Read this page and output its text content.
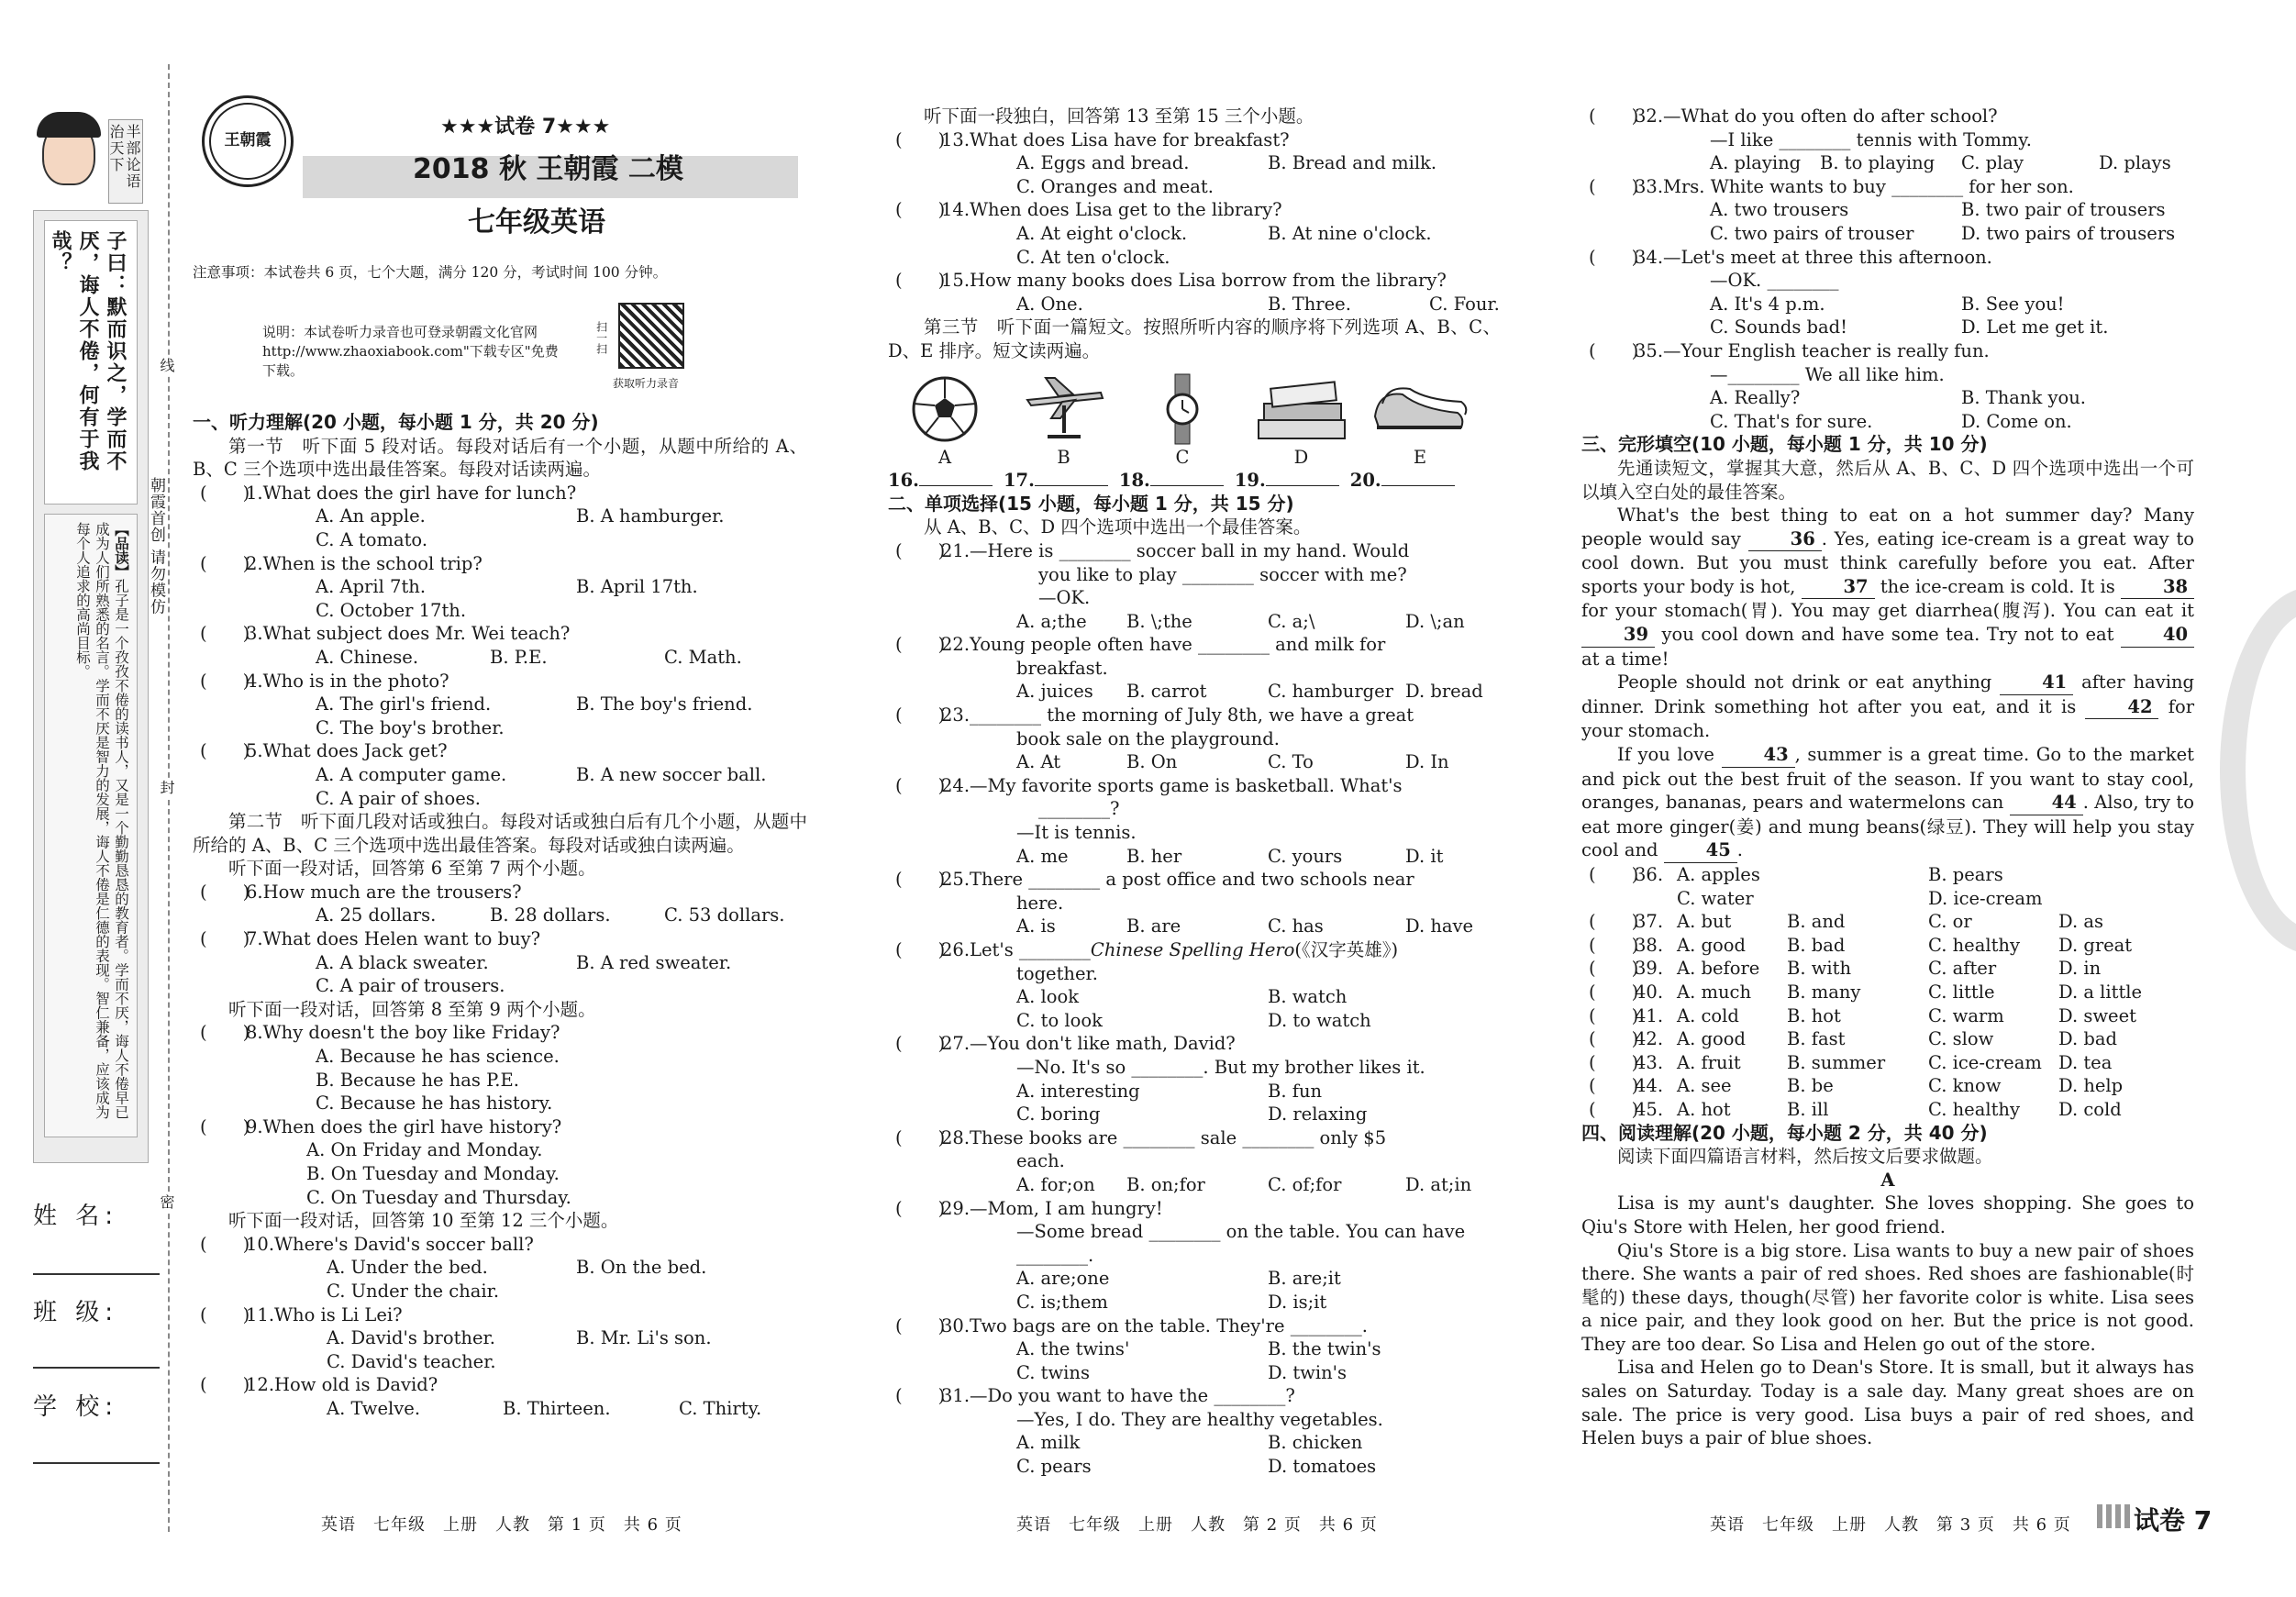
半部论语治天下
子曰：默而识之，学而不厌，诲人不倦，何有于我哉？
【品读】孔子是一个孜孜不倦的读书人，又是一个勤勤恳恳的教育者。学而不厌，诲人不倦早已成为人们所熟悉的名言。学而不厌是智力的发展，诲人不倦是仁德的表现。智仁兼备，应该成为每个人追求的高尚目标。	朝霞首创 请勿模仿
线
封
密
姓 名:
班 级:
学 校:
王朝霞
★★★试卷 7★★★
2018 秋 王朝霞 二模
七年级英语
注意事项：本试卷共 6 页，七个大题，满分 120 分，考试时间 100 分钟。
说明：本试卷听力录音也可登录朝霞文化官网 http://www.zhaoxiabook.com"下载专区"免费下载。
扫一扫
获取听力录音
一、听力理解(20 小题，每小题 1 分，共 20 分)
第一节　听下面 5 段对话。每段对话后有一个小题，从题中所给的 A、B、C 三个选项中选出最佳答案。每段对话读两遍。
(　　)
1. What does the girl have for lunch?
A. An apple.	B. A hamburger.
C. A tomato.
(　　)
2. When is the school trip?
A. April 7th.	B. April 17th.
C. October 17th.
(　　)
3. What subject does Mr. Wei teach?
A. Chinese.	B. P.E.	C. Math.
(　　)
4. Who is in the photo?
A. The girl's friend.	B. The boy's friend.
C. The boy's brother.
(　　)
5. What does Jack get?
A. A computer game.	B. A new soccer ball.
C. A pair of shoes.
第二节　听下面几段对话或独白。每段对话或独白后有几个小题，从题中所给的 A、B、C 三个选项中选出最佳答案。每段对话或独白读两遍。
听下面一段对话，回答第 6 至第 7 两个小题。
(　　)
6. How much are the trousers?
A. 25 dollars.	B. 28 dollars.	C. 53 dollars.
(　　)
7. What does Helen want to buy?
A. A black sweater.	B. A red sweater.
C. A pair of trousers.
听下面一段对话，回答第 8 至第 9 两个小题。
(　　)
8. Why doesn't the boy like Friday?
A. Because he has science.
B. Because he has P.E.
C. Because he has history.
(　　)
9. When does the girl have history?
A. On Friday and Monday.
B. On Tuesday and Monday.
C. On Tuesday and Thursday.
听下面一段对话，回答第 10 至第 12 三个小题。
(　　)
10. Where's David's soccer ball?
A. Under the bed.	B. On the bed.
C. Under the chair.
(　　)
11. Who is Li Lei?
A. David's brother.	B. Mr. Li's son.
C. David's teacher.
(　　)
12. How old is David?
A. Twelve.	B. Thirteen.	C. Thirty.
英语　七年级　上册　人教　第 1 页　共 6 页
听下面一段独白，回答第 13 至第 15 三个小题。
(　　)
13. What does Lisa have for breakfast?
A. Eggs and bread.	B. Bread and milk.
C. Oranges and meat.
(　　)
14. When does Lisa get to the library?
A. At eight o'clock.	B. At nine o'clock.
C. At ten o'clock.
(　　)
15. How many books does Lisa borrow from the library?
A. One.	B. Three.	C. Four.
第三节　听下面一篇短文。按照所听内容的顺序将下列选项 A、B、C、D、E 排序。短文读两遍。
A	B	C	D	E
16.	17.	18.	19.	20.
二、单项选择(15 小题，每小题 1 分，共 15 分)
从 A、B、C、D 四个选项中选出一个最佳答案。
(　　)
21. —Here is ________ soccer ball in my hand. Would
you like to play ________ soccer with me?
—OK.
A. a;the	B. \;the	C. a;\	D. \;an
(　　)
22. Young people often have ________ and milk for
breakfast.
A. juices	B. carrot	C. hamburger D. bread
(　　)
23. ________ the morning of July 8th, we have a great
book sale on the playground.
A. At	B. On	C. To	D. In
(　　)
24. —My favorite sports game is basketball. What's
________?
—It is tennis.
A. me	B. her	C. yours	D. it
(　　)
25. There ________ a post office and two schools near
here.
A. is	B. are	C. has	D. have
(　　)
26. Let's ________ Chinese Spelling Hero (《汉字英雄》)
together.
A. look	B. watch
C. to look	D. to watch
(　　)
27. —You don't like math, David?
—No. It's so ________. But my brother likes it.
A. interesting	B. fun
C. boring	D. relaxing
(　　)
28. These books are ________ sale ________ only $5
each.
A. for;on	B. on;for	C. of;for	D. at;in
(　　)
29. —Mom, I am hungry!
—Some bread ________ on the table. You can have
________.
A. are;one	B. are;it
C. is;them	D. is;it
(　　)
30. Two bags are on the table. They're ________.
A. the twins'	B. the twin's
C. twins	D. twin's
(　　)
31. —Do you want to have the ________?
—Yes, I do. They are healthy vegetables.
A. milk	B. chicken
C. pears	D. tomatoes
英语　七年级　上册　人教　第 2 页　共 6 页
(　　)
32. —What do you often do after school?
—I like ________ tennis with Tommy.
A. playing	B. to playing	C. play	D. plays
(　　)
33. Mrs. White wants to buy ________ for her son.
A. two trousers	B. two pair of trousers
C. two pairs of trouser	D. two pairs of trousers
(　　)
34. —Let's meet at three this afternoon.
—OK. ________
A. It's 4 p.m.	B. See you!
C. Sounds bad!	D. Let me get it.
(　　)
35. —Your English teacher is really fun.
—________ We all like him.
A. Really?	B. Thank you.
C. That's for sure.	D. Come on.
三、完形填空(10 小题，每小题 1 分，共 10 分)
先通读短文，掌握其大意，然后从 A、B、C、D 四个选项中选出一个可以填入空白处的最佳答案。
What's the best thing to eat on a hot summer day? Many people would say	36 . Yes, eating ice-cream is a great way to cool down. But you must think carefully before you eat. After sports your body is hot,	37 the ice-cream is cold. It is	38 for your stomach(胃). You may get diarrhea(腹泻). You can eat it 39 you cool down and have some tea. Try not to eat	40 at a time!
People should not drink or eat anything	41 after having dinner. Drink something hot after you eat, and it is	42 for your stomach.
If you love	43 , summer is a great time. Go to the market and pick out the best fruit of the season. If you want to stay cool, oranges, bananas, pears and watermelons can	44 . Also, try to eat more ginger(姜) and mung beans(绿豆). They will help you stay cool and	45 .
(　　)
36. A. apples	B. pears
C. water	D. ice-cream
(　　)
37. A. but	B. and	C. or	D. as
(　　)
38. A. good	B. bad	C. healthy	D. great
(　　)
39. A. before	B. with	C. after	D. in
(　　)
40. A. much	B. many	C. little	D. a little
(　　)
41. A. cold	B. hot	C. warm	D. sweet
(　　)
42. A. good	B. fast	C. slow	D. bad
(　　)
43. A. fruit	B. summer	C. ice-cream D. tea
(　　)
44. A. see	B. be	C. know	D. help
(　　)
45. A. hot	B. ill	C. healthy	D. cold
四、阅读理解(20 小题，每小题 2 分，共 40 分)
阅读下面四篇语言材料，然后按文后要求做题。
A
Lisa is my aunt's daughter. She loves shopping. She goes to Qiu's Store with Helen, her good friend.
Qiu's Store is a big store. Lisa wants to buy a new pair of shoes there. She wants a pair of red shoes. Red shoes are fashionable(时髦的) these days, though(尽管) her favorite color is white. Lisa sees a nice pair, and they look good on her. But the price is not good. They are too dear. So Lisa and Helen go out of the store.
Lisa and Helen go to Dean's Store. It is small, but it always has sales on Saturday. Today is a sale day. Many great shoes are on sale. The price is very good. Lisa buys a pair of red shoes, and Helen buys a pair of blue shoes.
英语　七年级　上册　人教　第 3 页　共 6 页 试卷 7
